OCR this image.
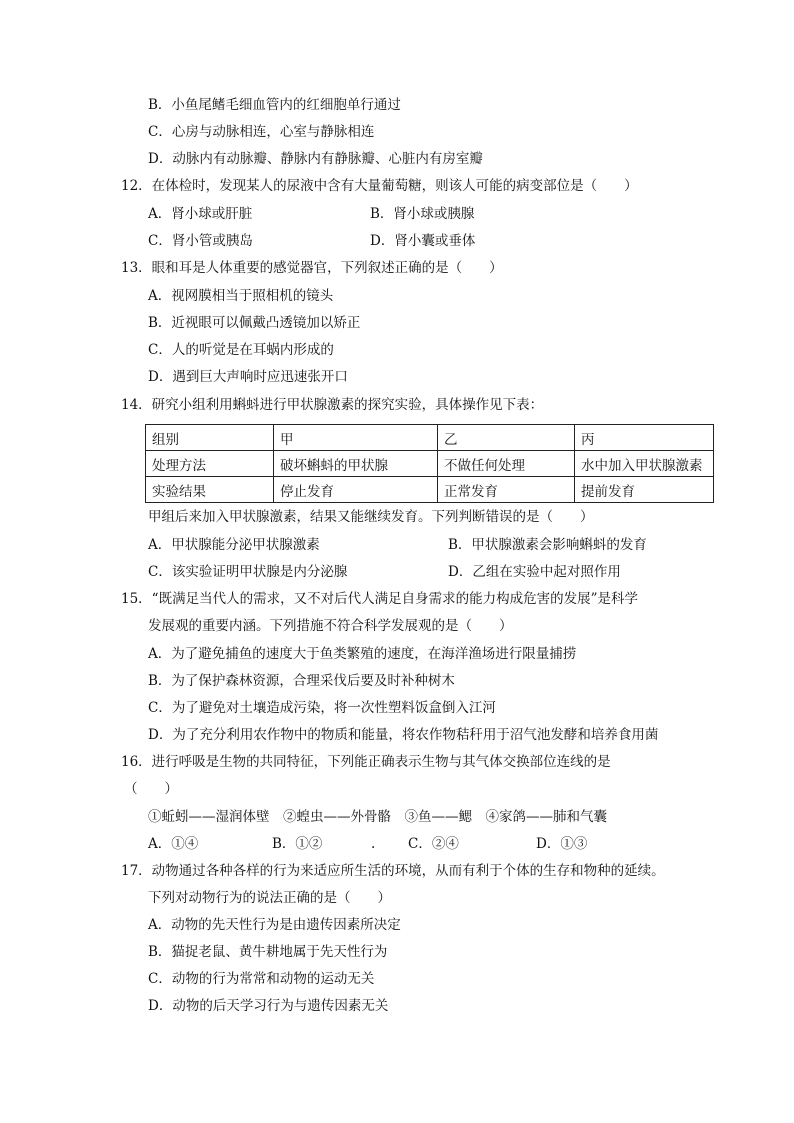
B．小鱼尾鳍毛细血管内的红细胞单行通过
C．心房与动脉相连，心室与静脉相连
D．动脉内有动脉瓣、静脉内有静脉瓣、心脏内有房室瓣
12．在体检时，发现某人的尿液中含有大量葡萄糖，则该人可能的病变部位是（　　）
A．肾小球或肝脏	B．肾小球或胰腺
C．肾小管或胰岛	D．肾小囊或垂体
13．眼和耳是人体重要的感觉器官，下列叙述正确的是（　　）
A．视网膜相当于照相机的镜头
B．近视眼可以佩戴凸透镜加以矫正
C．人的听觉是在耳蜗内形成的
D．遇到巨大声响时应迅速张开口
14．研究小组利用蝌蚪进行甲状腺激素的探究实验，具体操作见下表：
组别	甲	乙	丙
处理方法	破坏蝌蚪的甲状腺	不做任何处理	水中加入甲状腺激素
实验结果	停止发育	正常发育	提前发育
甲组后来加入甲状腺激素，结果又能继续发育。下列判断错误的是（　　）
A．甲状腺能分泌甲状腺激素	B．甲状腺激素会影响蝌蚪的发育
C．该实验证明甲状腺是内分泌腺	D．乙组在实验中起对照作用
15．“既满足当代人的需求，又不对后代人满足自身需求的能力构成危害的发展”是科学
发展观的重要内涵。下列措施不符合科学发展观的是（　　）
A．为了避免捕鱼的速度大于鱼类繁殖的速度，在海洋渔场进行限量捕捞
B．为了保护森林资源，合理采伐后要及时补种树木
C．为了避免对土壤造成污染，将一次性塑料饭盒倒入江河
D．为了充分利用农作物中的物质和能量，将农作物秸秆用于沼气池发酵和培养食用菌
16．进行呼吸是生物的共同特征，下列能正确表示生物与其气体交换部位连线的是
（　　）
①蚯蚓——湿润体壁　②蝗虫——外骨骼　③鱼——鳃　④家鸽——肺和气囊
A．①④	B．①②	. C．②④	D．①③
17．动物通过各种各样的行为来适应所生活的环境，从而有利于个体的生存和物种的延续。
下列对动物行为的说法正确的是（　　）
A．动物的先天性行为是由遗传因素所决定
B．猫捉老鼠、黄牛耕地属于先天性行为
C．动物的行为常常和动物的运动无关
D．动物的后天学习行为与遗传因素无关
